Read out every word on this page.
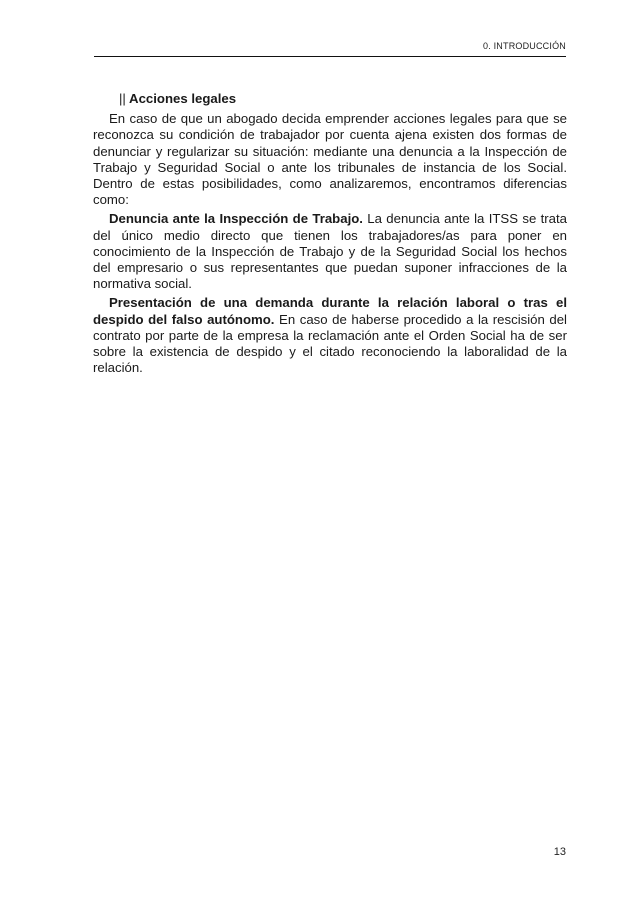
0. INTRODUCCIÓN
|| Acciones legales

En caso de que un abogado decida emprender acciones legales para que se reconozca su condición de trabajador por cuenta ajena existen dos formas de denunciar y regularizar su situación: mediante una denuncia a la Inspección de Trabajo y Seguridad Social o ante los tribunales de instancia de los Social. Dentro de estas posibilidades, como analizaremos, encontramos diferencias como:

Denuncia ante la Inspección de Trabajo. La denuncia ante la ITSS se trata del único medio directo que tienen los trabajadores/as para poner en conocimiento de la Inspección de Trabajo y de la Seguridad Social los hechos del empresario o sus representantes que puedan suponer infracciones de la normativa social.

Presentación de una demanda durante la relación laboral o tras el despido del falso autónomo. En caso de haberse procedido a la rescisión del contrato por parte de la empresa la reclamación ante el Orden Social ha de ser sobre la existencia de despido y el citado reconociendo la laboralidad de la relación.

13
